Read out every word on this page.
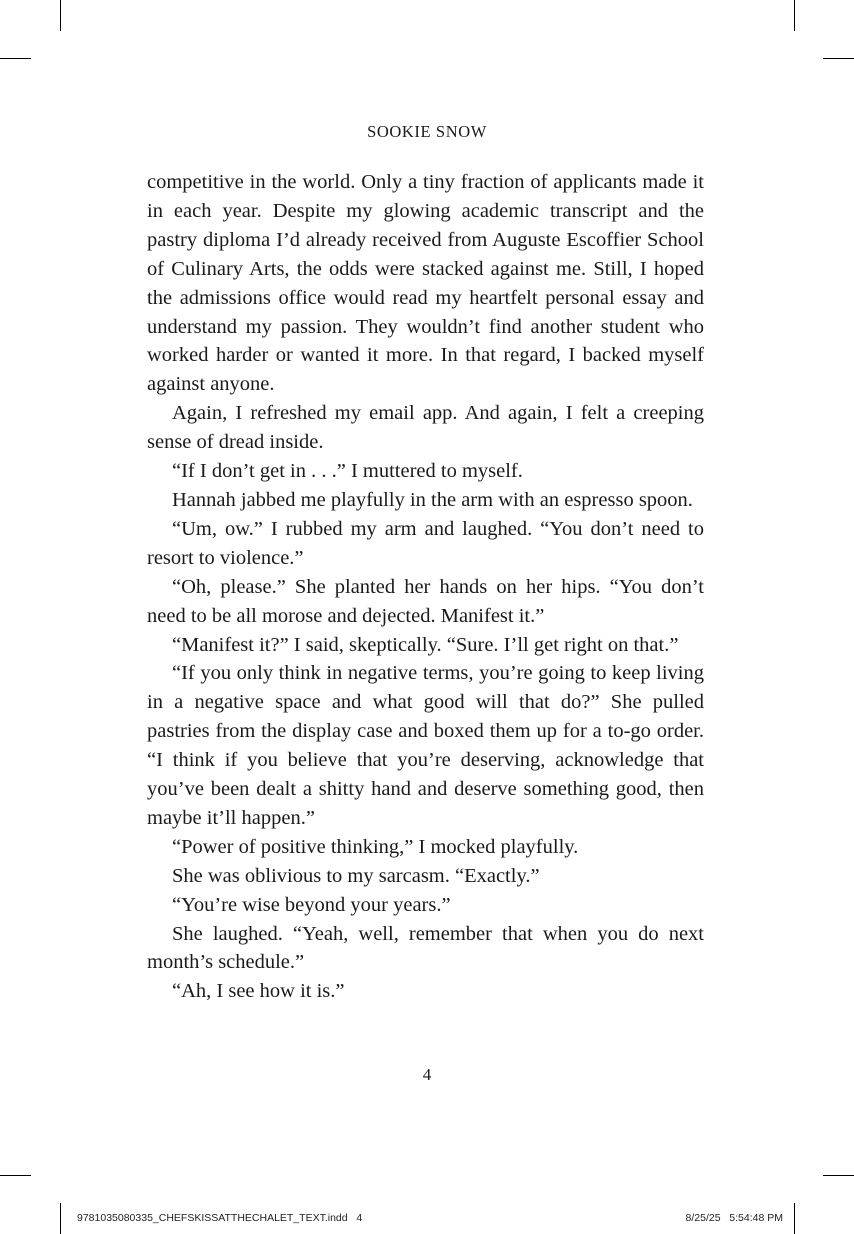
SOOKIE SNOW

competitive in the world. Only a tiny fraction of applicants made it in each year. Despite my glowing academic transcript and the pastry diploma I’d already received from Auguste Escoffier School of Culinary Arts, the odds were stacked against me. Still, I hoped the admissions office would read my heartfelt personal essay and understand my passion. They wouldn’t find another student who worked harder or wanted it more. In that regard, I backed myself against anyone.

Again, I refreshed my email app. And again, I felt a creeping sense of dread inside.

“If I don’t get in . . .” I muttered to myself.

Hannah jabbed me playfully in the arm with an espresso spoon.

“Um, ow.” I rubbed my arm and laughed. “You don’t need to resort to violence.”

“Oh, please.” She planted her hands on her hips. “You don’t need to be all morose and dejected. Manifest it.”

“Manifest it?” I said, skeptically. “Sure. I’ll get right on that.”

“If you only think in negative terms, you’re going to keep living in a negative space and what good will that do?” She pulled pastries from the display case and boxed them up for a to-go order. “I think if you believe that you’re deserving, acknowledge that you’ve been dealt a shitty hand and deserve something good, then maybe it’ll happen.”

“Power of positive thinking,” I mocked playfully.

She was oblivious to my sarcasm. “Exactly.”

“You’re wise beyond your years.”

She laughed. “Yeah, well, remember that when you do next month’s schedule.”

“Ah, I see how it is.”

4
9781035080335_CHEFSKISSATTHECHALET_TEXT.indd   4	8/25/25   5:54:48 PM
